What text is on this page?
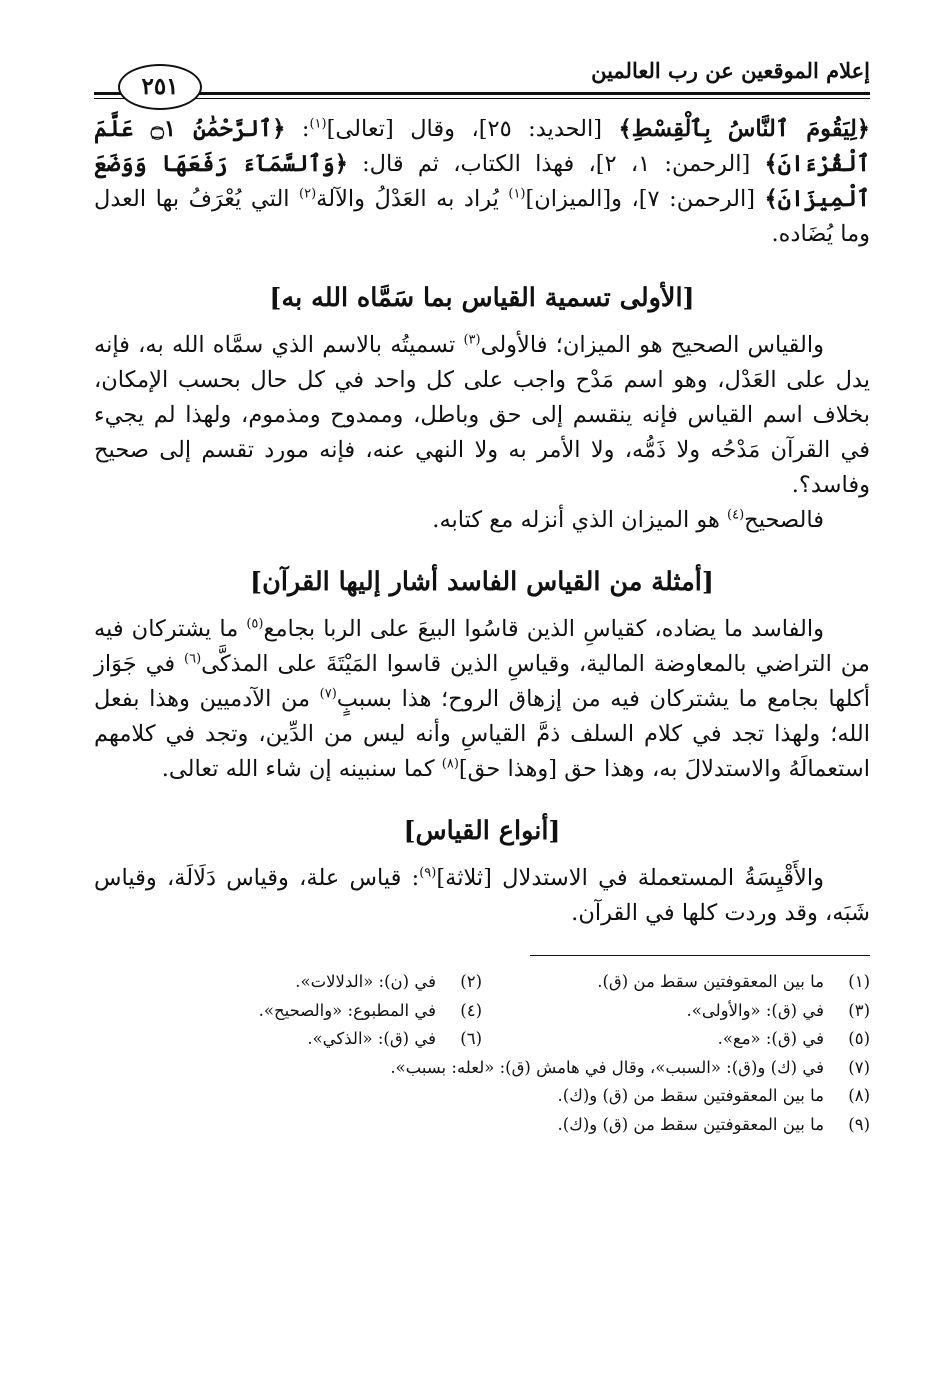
إعلام الموقعين عن رب العالمين
٢٥١

﴿لِيَقُومَ ٱلنَّاسُ بِٱلْقِسْطِ﴾ [الحديد: ٢٥]، وقال [تعالى]$^{(١)}$: ﴿ٱلرَّحْمَٰنُ ۝١ عَلَّمَ ٱلْقُرْءَانَ﴾ [الرحمن: ١، ٢]، فهذا الكتاب، ثم قال: ﴿وَٱلسَّمَآءَ رَفَعَهَا وَوَضَعَ ٱلْمِيزَانَ﴾ [الرحمن: ٧]، و[الميزان]$^{(١)}$ يُراد به العَدْلُ والآلة$^{(٢)}$ التي يُعْرَفُ بها العدل وما يُضَاده.

[الأولى تسمية القياس بما سَمَّاه الله به]

والقياس الصحيح هو الميزان؛ فالأولى$^{(٣)}$ تسميتُه بالاسم الذي سمَّاه الله به، فإنه يدل على العَدْل، وهو اسم مَدْح واجب على كل واحد في كل حال بحسب الإمكان، بخلاف اسم القياس فإنه ينقسم إلى حق وباطل، وممدوح ومذموم، ولهذا لم يجيء في القرآن مَدْحُه ولا ذَمُّه، ولا الأمر به ولا النهي عنه، فإنه مورد تقسم إلى صحيح وفاسد؟.

فالصحيح$^{(٤)}$ هو الميزان الذي أنزله مع كتابه.

[أمثلة من القياس الفاسد أشار إليها القرآن]

والفاسد ما يضاده، كقياسِ الذين قاسُوا البيعَ على الربا بجامع$^{(٥)}$ ما يشتركان فيه من التراضي بالمعاوضة المالية، وقياسِ الذين قاسوا المَيْتَةَ على المذكَّى$^{(٦)}$ في جَوَاز أكلها بجامع ما يشتركان فيه من إزهاق الروح؛ هذا بسببٍ$^{(٧)}$ من الآدميين وهذا بفعل الله؛ ولهذا تجد في كلام السلف ذمَّ القياسِ وأنه ليس من الدِّين، وتجد في كلامهم استعمالَهُ والاستدلالَ به، وهذا حق [وهذا حق]$^{(٨)}$ كما سنبينه إن شاء الله تعالى.

[أنواع القياس]

والأَقْيِسَةُ المستعملة في الاستدلال [ثلاثة]$^{(٩)}$: قياس علة، وقياس دَلَالَة، وقياس شَبَه، وقد وردت كلها في القرآن.

(١)
ما بين المعقوفتين سقط من (ق).
(٢)
في (ن): «الدلالات».
(٣)
في (ق): «والأولى».
(٤)
في المطبوع: «والصحيح».
(٥)
في (ق): «مع».
(٦)
في (ق): «الذكي».
(٧)
في (ك) و(ق): «السبب»، وقال في هامش (ق): «لعله: بسبب».
(٨)
ما بين المعقوفتين سقط من (ق) و(ك).
(٩)
ما بين المعقوفتين سقط من (ق) و(ك).
